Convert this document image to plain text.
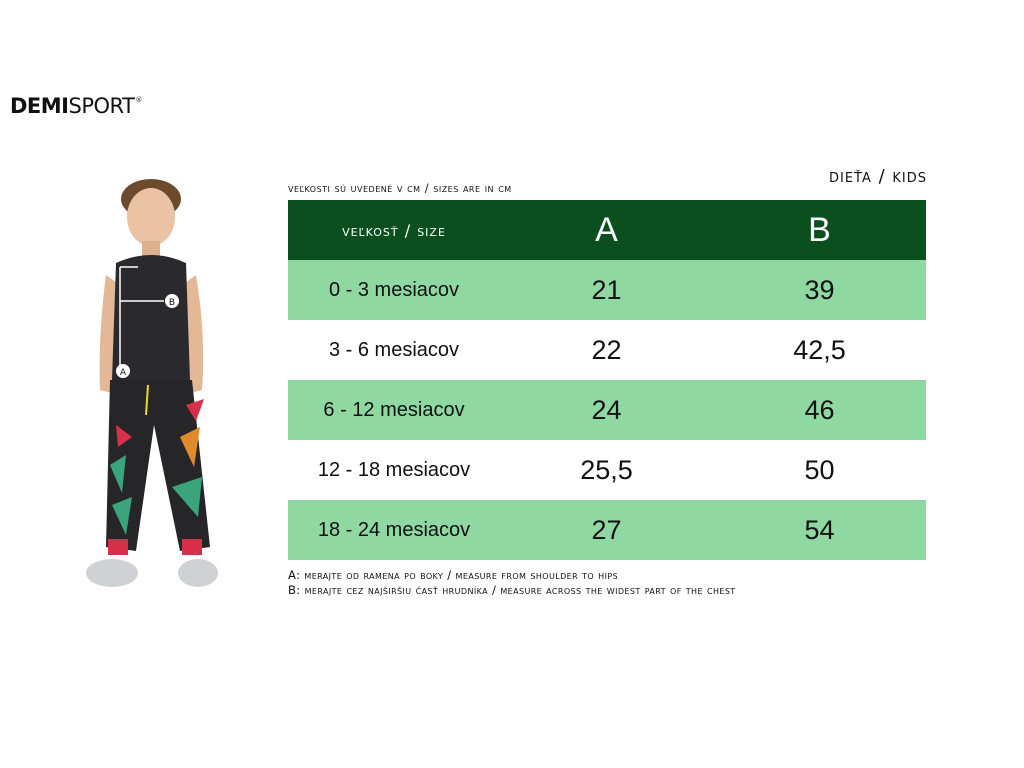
DEMI SPORT ®
B
A
veľkosti sú uvedené v cm / sizes are in cm
dieťa / kids
veľkosť / size	A	B
0 - 3 mesiacov	21	39
3 - 6 mesiacov	22	42,5
6 - 12 mesiacov	24	46
12 - 18 mesiacov	25,5	50
18 - 24 mesiacov	27	54
A: merajte od ramena po boky / measure from shoulder to hips
B: merajte cez najširšiu časť hrudníka / measure across the widest part of the chest
